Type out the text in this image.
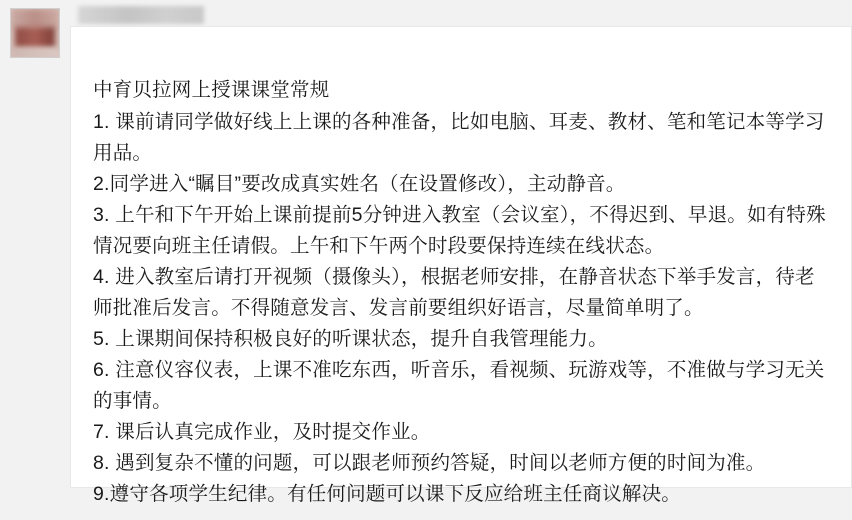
中育贝拉网上授课课堂常规
1. 课前请同学做好线上上课的各种准备，比如电脑、耳麦、教材、笔和笔记本等学习用品。
2.同学进入“瞩目”要改成真实姓名（在设置修改），主动静音。
3. 上午和下午开始上课前提前5分钟进入教室（会议室），不得迟到、早退。如有特殊情况要向班主任请假。上午和下午两个时段要保持连续在线状态。
4. 进入教室后请打开视频（摄像头），根据老师安排，在静音状态下举手发言，待老师批准后发言。不得随意发言、发言前要组织好语言，尽量简单明了。
5. 上课期间保持积极良好的听课状态，提升自我管理能力。
6. 注意仪容仪表，上课不准吃东西，听音乐，看视频、玩游戏等，不准做与学习无关的事情。
7. 课后认真完成作业，及时提交作业。
8. 遇到复杂不懂的问题，可以跟老师预约答疑，时间以老师方便的时间为准。
9.遵守各项学生纪律。有任何问题可以课下反应给班主任商议解决。
